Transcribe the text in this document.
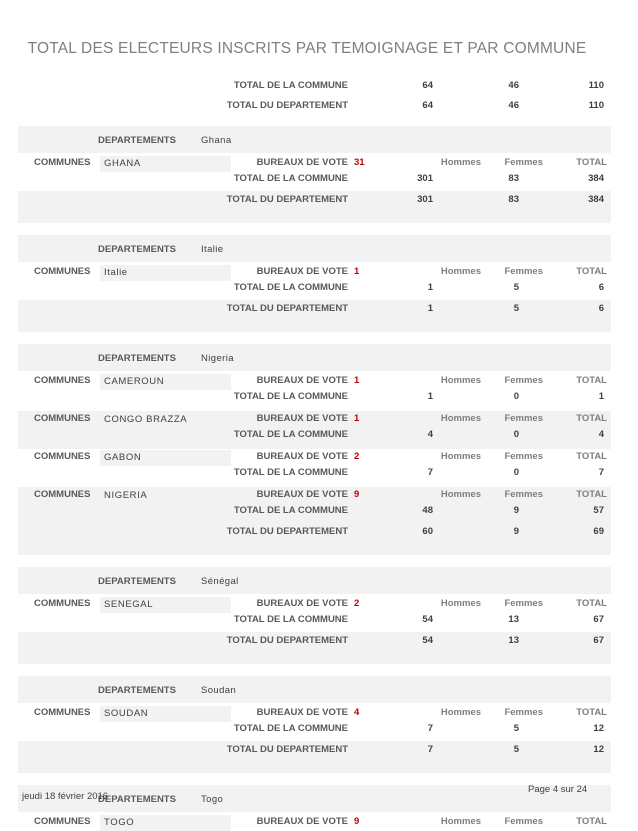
TOTAL DES ELECTEURS INSCRITS PAR TEMOIGNAGE ET PAR COMMUNE
TOTAL DE LA COMMUNE	64	46	110
TOTAL DU DEPARTEMENT	64	46	110
DEPARTEMENTS	Ghana
COMMUNES GHANA	BUREAUX DE VOTE 31	Hommes Femmes	TOTAL
TOTAL DE LA COMMUNE	301	83	384
TOTAL DU DEPARTEMENT	301	83	384
DEPARTEMENTS	Italie
COMMUNES Italie	BUREAUX DE VOTE 1	Hommes Femmes	TOTAL
TOTAL DE LA COMMUNE	1	5	6
TOTAL DU DEPARTEMENT	1	5	6
DEPARTEMENTS	Nigeria
COMMUNES CAMEROUN	BUREAUX DE VOTE 1	Hommes Femmes	TOTAL
TOTAL DE LA COMMUNE	1	0	1
COMMUNES CONGO BRAZZA	BUREAUX DE VOTE 1	Hommes Femmes	TOTAL
TOTAL DE LA COMMUNE	4	0	4
COMMUNES GABON	BUREAUX DE VOTE 2	Hommes Femmes	TOTAL
TOTAL DE LA COMMUNE	7	0	7
COMMUNES NIGERIA	BUREAUX DE VOTE 9	Hommes Femmes	TOTAL
TOTAL DE LA COMMUNE	48	9	57
TOTAL DU DEPARTEMENT	60	9	69
DEPARTEMENTS	Sénégal
COMMUNES SENEGAL	BUREAUX DE VOTE 2	Hommes Femmes	TOTAL
TOTAL DE LA COMMUNE	54	13	67
TOTAL DU DEPARTEMENT	54	13	67
DEPARTEMENTS	Soudan
COMMUNES SOUDAN	BUREAUX DE VOTE 4	Hommes Femmes	TOTAL
TOTAL DE LA COMMUNE	7	5	12
TOTAL DU DEPARTEMENT	7	5	12
DEPARTEMENTS	Togo
COMMUNES TOGO	BUREAUX DE VOTE 9	Hommes Femmes	TOTAL
jeudi 18 février 2016
Page 4 sur 24
